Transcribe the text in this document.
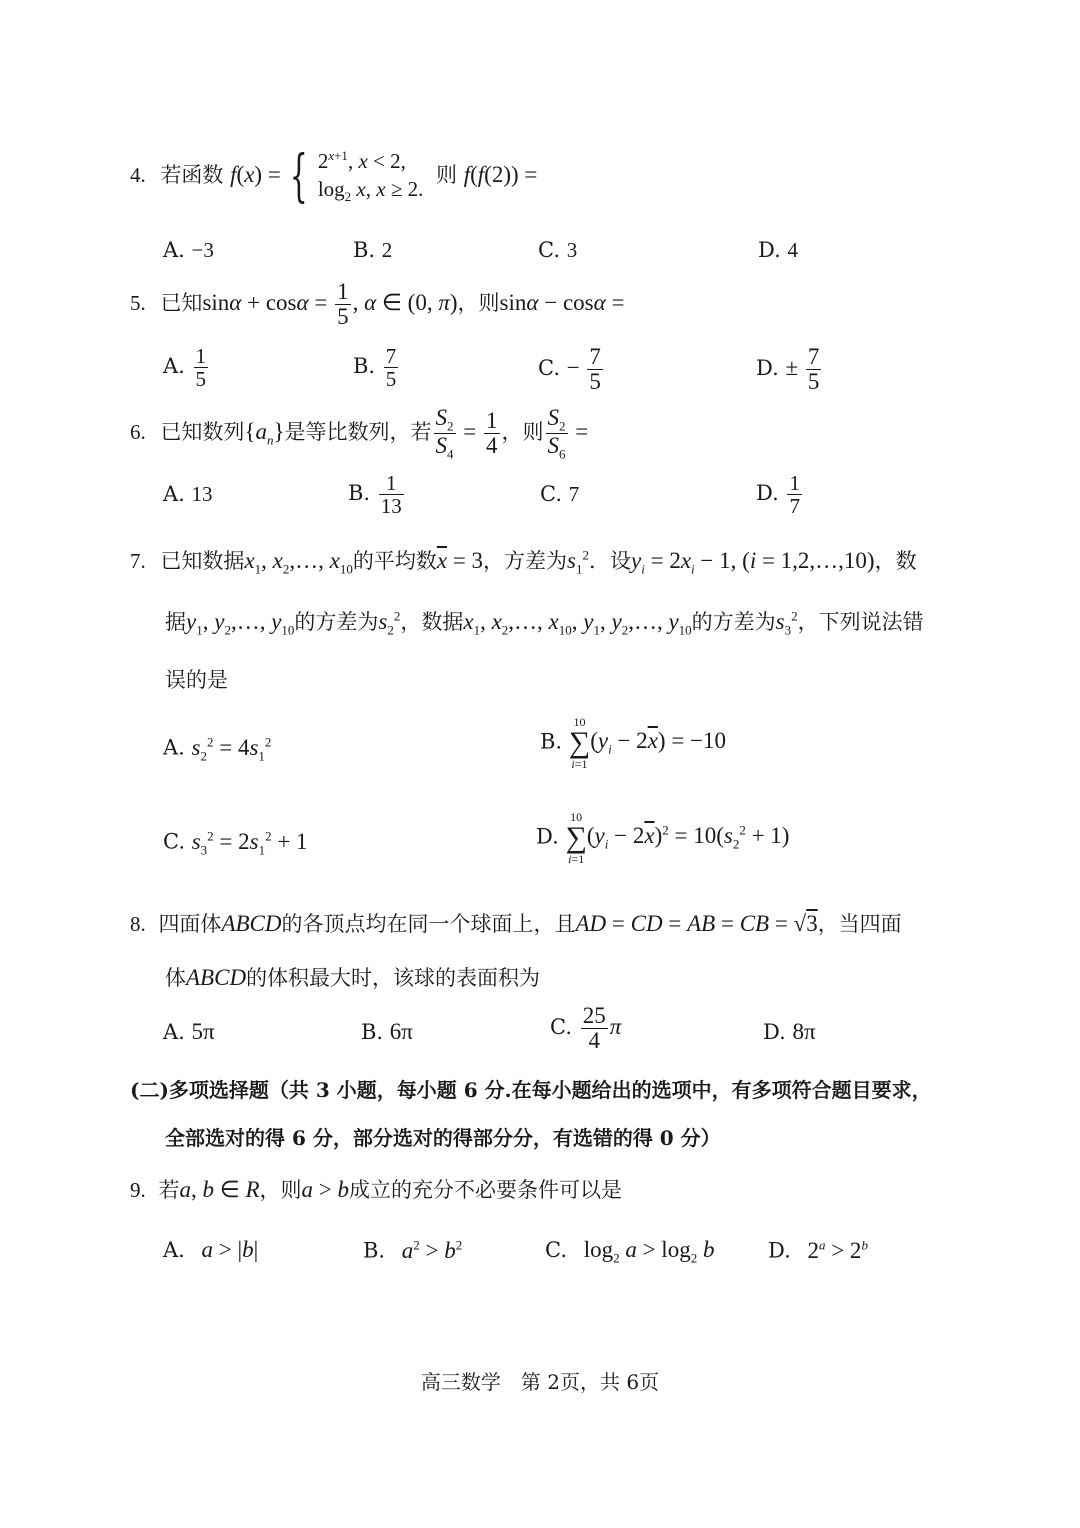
4. 若函数 f(x) = { $2^{x+1}$, x < 2,
$\log_2 x$, x ≥ 2.
则 f(f(2)) =
A. −3	B. 2	C. 3	D. 4
5. 已知$\sin\alpha + \cos\alpha = \frac{1}{5}$ , α ∈ (0, π)，则sinα − cosα =
A. $\frac{1}{5}$	B. $\frac{7}{5}$	C. − $\frac{7}{5}$	D. ± $\frac{7}{5}$
6. 已知数列$\{a_n\}$是等比数列，若 $\frac{S_2}{S_4} = \frac{1}{4}$ ，则 $\frac{S_2}{S_6}$ =
A. 13	B. $\frac{1}{13}$	C. 7	D. $\frac{1}{7}$
7. 已知数据$x_1$, $x_2,\dots$, $x_{10}$的平均数$\overline{x} = 3$，方差为$s_1^2$．设$y_i = 2x_i - 1$, (i = 1,2,…,10)，数
据$y_1$, $y_2,\dots$, $y_{10}$的方差为$s_2^2$，数据$x_1$, $x_2,\dots$, $x_{10}$, $y_1$, $y_2,\dots$, $y_{10}$的方差为$s_3^2$，下列说法错
误的是
A. $s_2^2 = 4s_1^2$	B.
10
∑
i=1
$(y_i - 2\overline{x}) = -10$
C. $s_3^2 = 2s_1^2 + 1$	D.
10
∑
i=1
$(y_i - 2\overline{x})^2 = 10(s_2^2 + 1)$
8. 四面体ABCD的各顶点均在同一个球面上，且AD = CD = AB = CB = √3，当四面
体ABCD的体积最大时，该球的表面积为
A. 5π	B. 6π	C. $\frac{25}{4}$ π	D. 8π
(二)多项选择题（共 3 小题，每小题 6 分.在每小题给出的选项中，有多项符合题目要求，
全部选对的得 6 分，部分选对的得部分分，有选错的得 0 分）
9. 若a, b ∈ R，则a > b成立的充分不必要条件可以是
A. a > |b|	B. $a^2 > b^2$	C. $\log_2 a > \log_2 b$	D. $2^a > 2^b$
高三数学　第 2页，共 6页
